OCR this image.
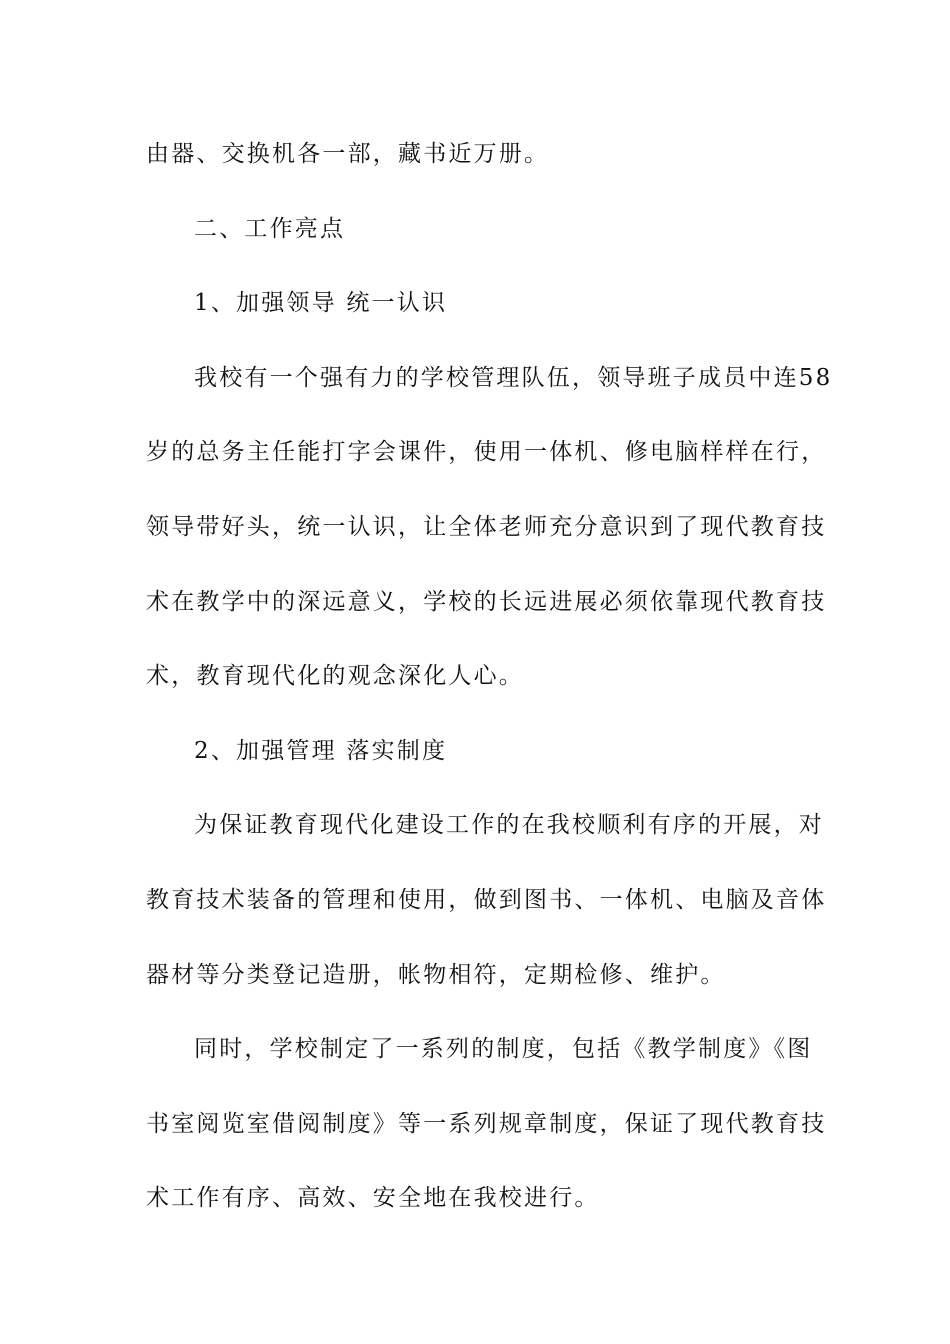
由器、交换机各一部，藏书近万册。
二、工作亮点
1、加强领导 统一认识
我校有一个强有力的学校管理队伍，领导班子成员中连58
岁的总务主任能打字会课件，使用一体机、修电脑样样在行，
领导带好头，统一认识，让全体老师充分意识到了现代教育技
术在教学中的深远意义，学校的长远进展必须依靠现代教育技
术，教育现代化的观念深化人心。
2、加强管理 落实制度
为保证教育现代化建设工作的在我校顺利有序的开展，对
教育技术装备的管理和使用，做到图书、一体机、电脑及音体
器材等分类登记造册，帐物相符，定期检修、维护。
同时，学校制定了一系列的制度，包括《教学制度》《图
书室阅览室借阅制度》等一系列规章制度，保证了现代教育技
术工作有序、高效、安全地在我校进行。
